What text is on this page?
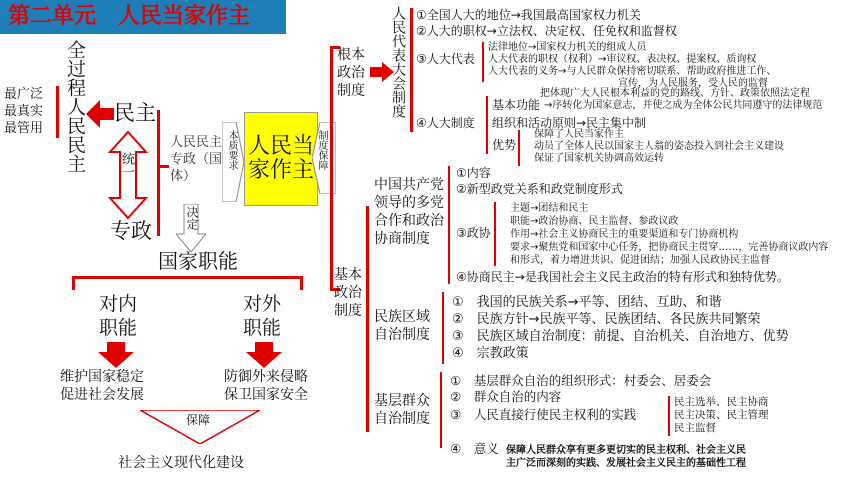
第二单元　人民当家作主
最广泛
最真实
最管用 全过程人民民主 民主
统一
专政
人民民主专政（国体）
本质要求 人民当家作主
制度保障
决定
国家职能
对内职能
对外职能
维护国家稳定
促进社会发展
防御外来侵略
保卫国家安全
保障
社会主义现代化建设
根本政治制度 人民代表大会制度 ①全国人大的地位→我国最高国家权力机关
②人大的职权→立法权、决定权、任免权和监督权
③人大代表
法律地位→国家权力机关的组成人员
人大代表的职权（权利）→审议权、表决权、提案权、质询权
人大代表的义务→与人民群众保持密切联系、帮助政府推进工作、
宣传，为人民服务，受人民的监督
④人大制度
把体现广大人民根本利益的党的路线、方针、政策依照法定程
基本功能 →序转化为国家意志，并使之成为全体公民共同遵守的法律规范
组织和活动原则→民主集中制
优势
保障了人民当家作主
动员了全体人民以国家主人翁的姿态投入到社会主义建设
保证了国家机关协调高效运转
基本政治制度
中国共产党领导的多党合作和政治协商制度
①内容
②新型政党关系和政党制度形式
③政协
主题→团结和民主
职能→政治协商、民主监督、参政议政
作用→社会主义协商民主的重要渠道和专门协商机构
要求→聚焦党和国家中心任务，把协商民主贯穿……，完善协商议政内容
和形式，着力增进共识、促进团结；加强人民政协民主监督
④协商民主→是我国社会主义民主政治的特有形式和独特优势。
民族区域自治制度
①　我国的民族关系→平等、团结、互助、和谐
②　民族方针→民族平等、民族团结、各民族共同繁荣
③　民族区域自治制度：前提、自治机关、自治地方、优势
④　宗教政策
基层群众自治制度
①　基层群众自治的组织形式：村委会、居委会
②　群众自治的内容
③　人民直接行使民主权利的实践
民主选举、民主协商
民主决策、民主管理
民主监督
④　意义 保障人民群众享有更多更切实的民主权利、社会主义民
主广泛而深刻的实践、发展社会主义民主的基础性工程
